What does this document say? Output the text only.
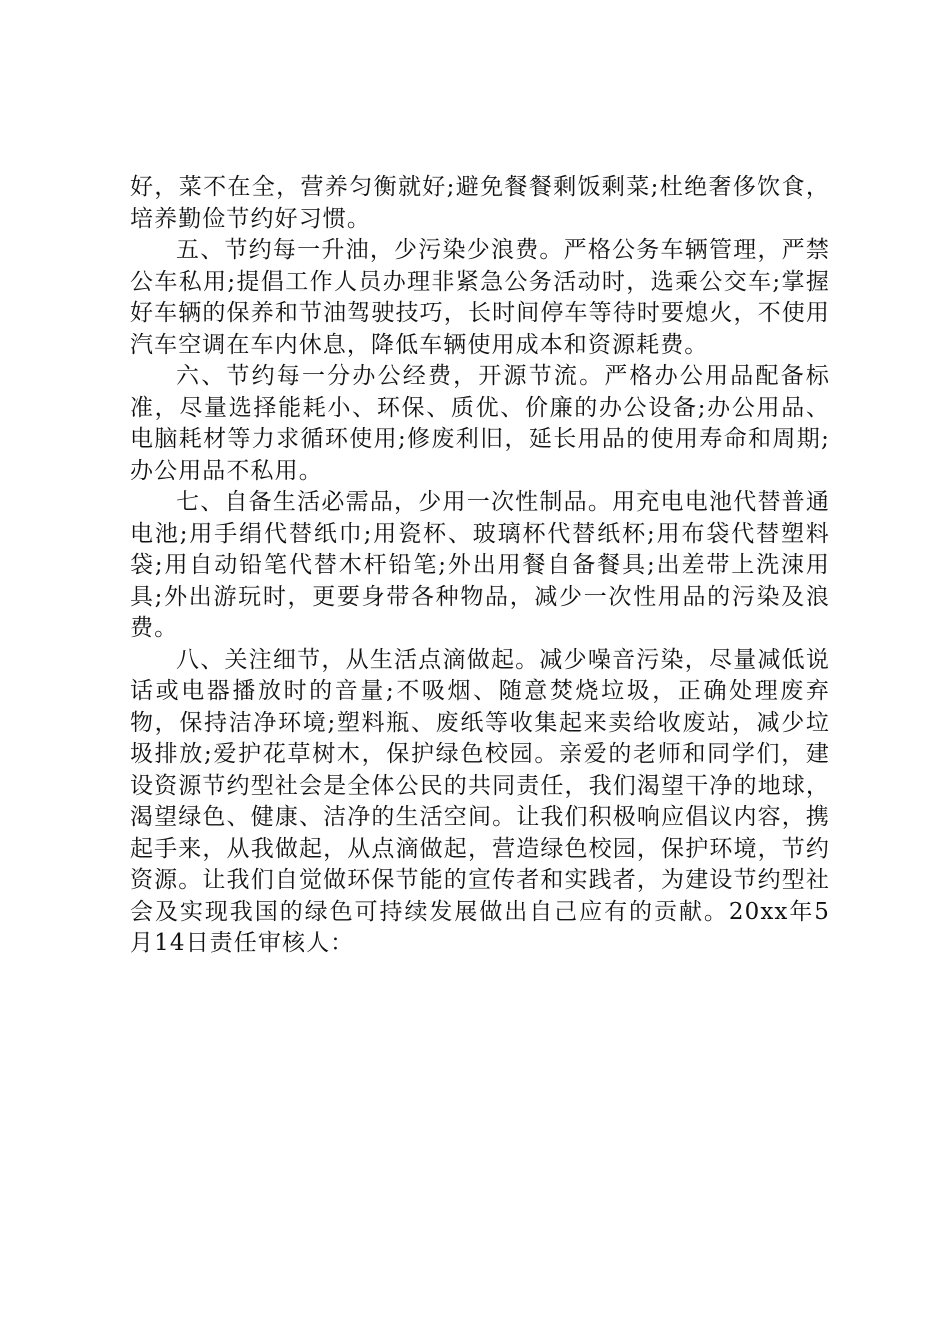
好，菜不在全，营养匀衡就好;避免餐餐剩饭剩菜;杜绝奢侈饮食，培养勤俭节约好习惯。

五、节约每一升油，少污染少浪费。严格公务车辆管理，严禁公车私用;提倡工作人员办理非紧急公务活动时，选乘公交车;掌握好车辆的保养和节油驾驶技巧，长时间停车等待时要熄火，不使用汽车空调在车内休息，降低车辆使用成本和资源耗费。

六、节约每一分办公经费，开源节流。严格办公用品配备标准，尽量选择能耗小、环保、质优、价廉的办公设备;办公用品、电脑耗材等力求循环使用;修废利旧，延长用品的使用寿命和周期;办公用品不私用。

七、自备生活必需品，少用一次性制品。用充电电池代替普通电池;用手绢代替纸巾;用瓷杯、玻璃杯代替纸杯;用布袋代替塑料袋;用自动铅笔代替木杆铅笔;外出用餐自备餐具;出差带上洗涑用具;外出游玩时，更要身带各种物品，减少一次性用品的污染及浪费。

八、关注细节，从生活点滴做起。减少噪音污染，尽量减低说话或电器播放时的音量;不吸烟、随意焚烧垃圾，正确处理废弃物，保持洁净环境;塑料瓶、废纸等收集起来卖给收废站，减少垃圾排放;爱护花草树木，保护绿色校园。亲爱的老师和同学们，建设资源节约型社会是全体公民的共同责任，我们渴望干净的地球，渴望绿色、健康、洁净的生活空间。让我们积极响应倡议内容，携起手来，从我做起，从点滴做起，营造绿色校园，保护环境，节约资源。让我们自觉做环保节能的宣传者和实践者，为建设节约型社会及实现我国的绿色可持续发展做出自己应有的贡献。20xx年5月14日责任审核人：
